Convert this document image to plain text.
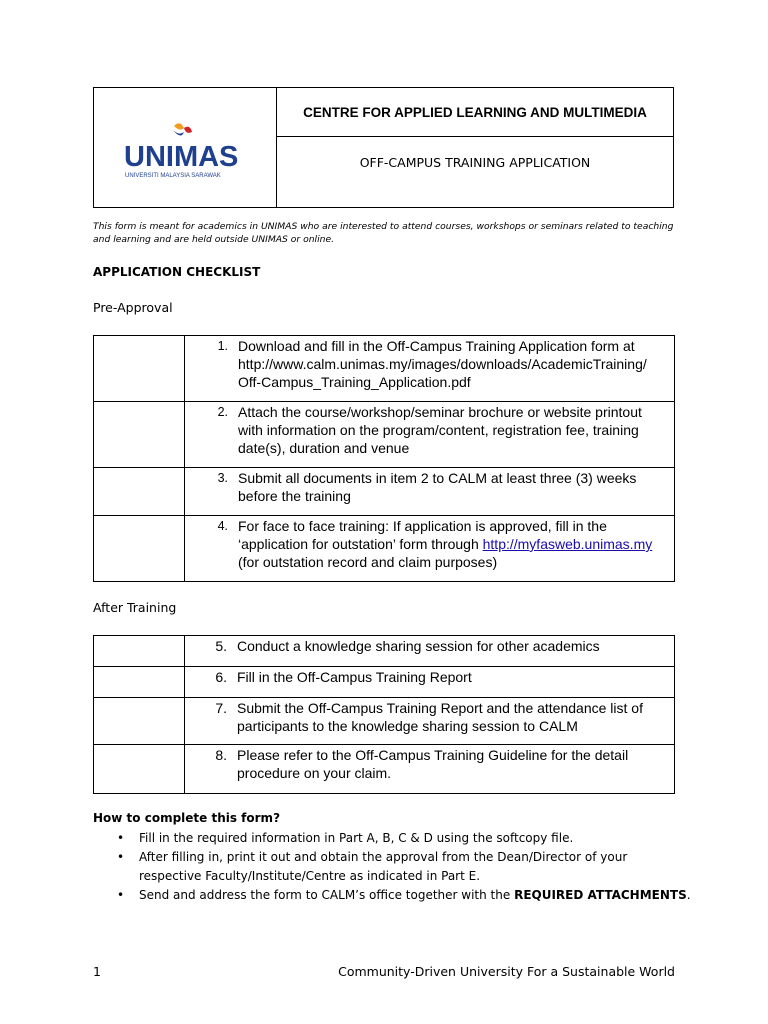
UNIMAS
UNIVERSITI MALAYSIA SARAWAK
CENTRE FOR APPLIED LEARNING AND MULTIMEDIA
OFF-CAMPUS TRAINING APPLICATION
This form is meant for academics in UNIMAS who are interested to attend courses, workshops or seminars related to teaching and learning and are held outside UNIMAS or online.
APPLICATION CHECKLIST
Pre-Approval

	1. Download and fill in the Off-Campus Training Application form at http://www.calm.unimas.my/images/downloads/AcademicTraining/ Off-Campus_Training_Application.pdf

	2. Attach the course/workshop/seminar brochure or website printout with information on the program/content, registration fee, training date(s), duration and venue

	3. Submit all documents in item 2 to CALM at least three (3) weeks before the training

	4. For face to face training: If application is approved, fill in the ‘application for outstation’ form through http://myfasweb.unimas.my (for outstation record and claim purposes)
After Training

	5. Conduct a knowledge sharing session for other academics

	6. Fill in the Off-Campus Training Report

	7. Submit the Off-Campus Training Report and the attendance list of participants to the knowledge sharing session to CALM

	8. Please refer to the Off-Campus Training Guideline for the detail procedure on your claim.
How to complete this form?
• Fill in the required information in Part A, B, C & D using the softcopy file.
• After filling in, print it out and obtain the approval from the Dean/Director of your respective Faculty/Institute/Centre as indicated in Part E.
• Send and address the form to CALM’s office together with the REQUIRED ATTACHMENTS.
1	Community-Driven University For a Sustainable World
